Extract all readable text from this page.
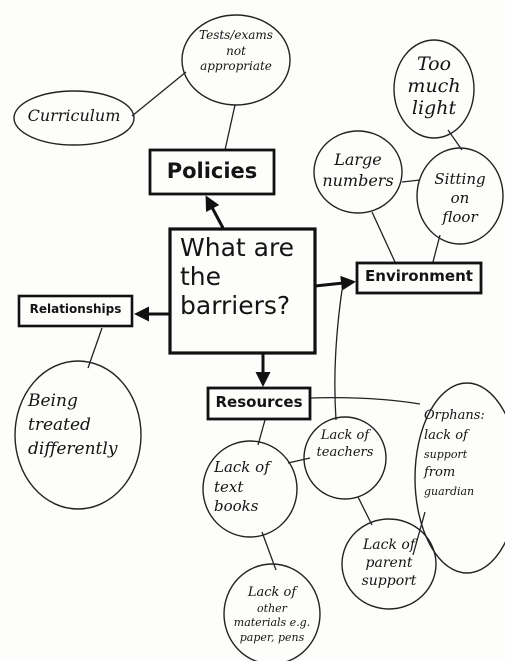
What are
the
barriers?
Policies
Environment
Relationships
Resources
Tests/exams
not
appropriate
Curriculum
Too
much
light
Large
numbers	Sitting
on
floor
Being
treated
differently
Lack of
teachers
Orphans:
lack of
support
from
guardian
Lack of
text
books
Lack of
parent
support
Lack of
other
materials e.g.
paper, pens
